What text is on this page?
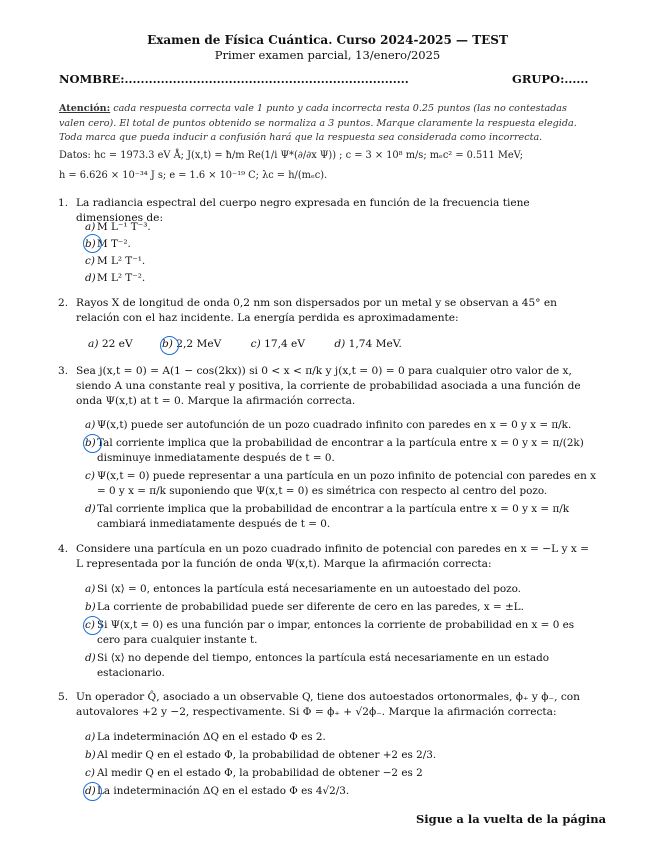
Examen de Física Cuántica. Curso 2024-2025 — TEST
Primer examen parcial, 13/enero/2025
NOMBRE:.......................................................................	GRUPO:......
Atención: cada respuesta correcta vale 1 punto y cada incorrecta resta 0.25 puntos (las no contestadas valen cero). El total de puntos obtenido se normaliza a 3 puntos. Marque claramente la respuesta elegida. Toda marca que pueda inducir a confusión hará que la respuesta sea considerada como incorrecta.
Datos: hc = 1973.3 eV Å; J(x,t) = ħ/m Re(1/i Ψ*(∂/∂x Ψ)) ; c = 3 × 10⁸ m/s; mₑc² = 0.511 MeV;
h = 6.626 × 10⁻³⁴ J s; e = 1.6 × 10⁻¹⁹ C; λc = h/(mₑc).
1. La radiancia espectral del cuerpo negro expresada en función de la frecuencia tiene dimensiones de:
a) M L⁻¹ T⁻³.
b) M T⁻².
c) M L² T⁻¹.
d) M L² T⁻².
2. Rayos X de longitud de onda 0,2 nm son dispersados por un metal y se observan a 45° en relación con el haz incidente. La energía perdida es aproximadamente:
a) 22 eV	b) 2,2 MeV	c) 17,4 eV	d) 1,74 MeV.
3. Sea j(x,t = 0) = A(1 − cos(2kx)) si 0 < x < π/k y j(x,t = 0) = 0 para cualquier otro valor de x, siendo A una constante real y positiva, la corriente de probabilidad asociada a una función de onda Ψ(x,t) at t = 0. Marque la afirmación correcta.
a) Ψ(x,t) puede ser autofunción de un pozo cuadrado infinito con paredes en x = 0 y x = π/k.
b) Tal corriente implica que la probabilidad de encontrar a la partícula entre x = 0 y x = π/(2k) disminuye inmediatamente después de t = 0.
c) Ψ(x,t = 0) puede representar a una partícula en un pozo infinito de potencial con paredes en x = 0 y x = π/k suponiendo que Ψ(x,t = 0) es simétrica con respecto al centro del pozo.
d) Tal corriente implica que la probabilidad de encontrar a la partícula entre x = 0 y x = π/k cambiará inmediatamente después de t = 0.
4. Considere una partícula en un pozo cuadrado infinito de potencial con paredes en x = −L y x = L representada por la función de onda Ψ(x,t). Marque la afirmación correcta:
a) Si ⟨x⟩ = 0, entonces la partícula está necesariamente en un autoestado del pozo.
b) La corriente de probabilidad puede ser diferente de cero en las paredes, x = ±L.
c) Si Ψ(x,t = 0) es una función par o impar, entonces la corriente de probabilidad en x = 0 es cero para cualquier instante t.
d) Si ⟨x⟩ no depende del tiempo, entonces la partícula está necesariamente en un estado estacionario.
5. Un operador Q̂, asociado a un observable Q, tiene dos autoestados ortonormales, ϕ₊ y ϕ₋, con autovalores +2 y −2, respectivamente. Si Φ = ϕ₊ + √2ϕ₋. Marque la afirmación correcta:
a) La indeterminación ΔQ en el estado Φ es 2.
b) Al medir Q en el estado Φ, la probabilidad de obtener +2 es 2/3.
c) Al medir Q en el estado Φ, la probabilidad de obtener −2 es 2
d) La indeterminación ΔQ en el estado Φ es 4√2/3.
Sigue a la vuelta de la página
